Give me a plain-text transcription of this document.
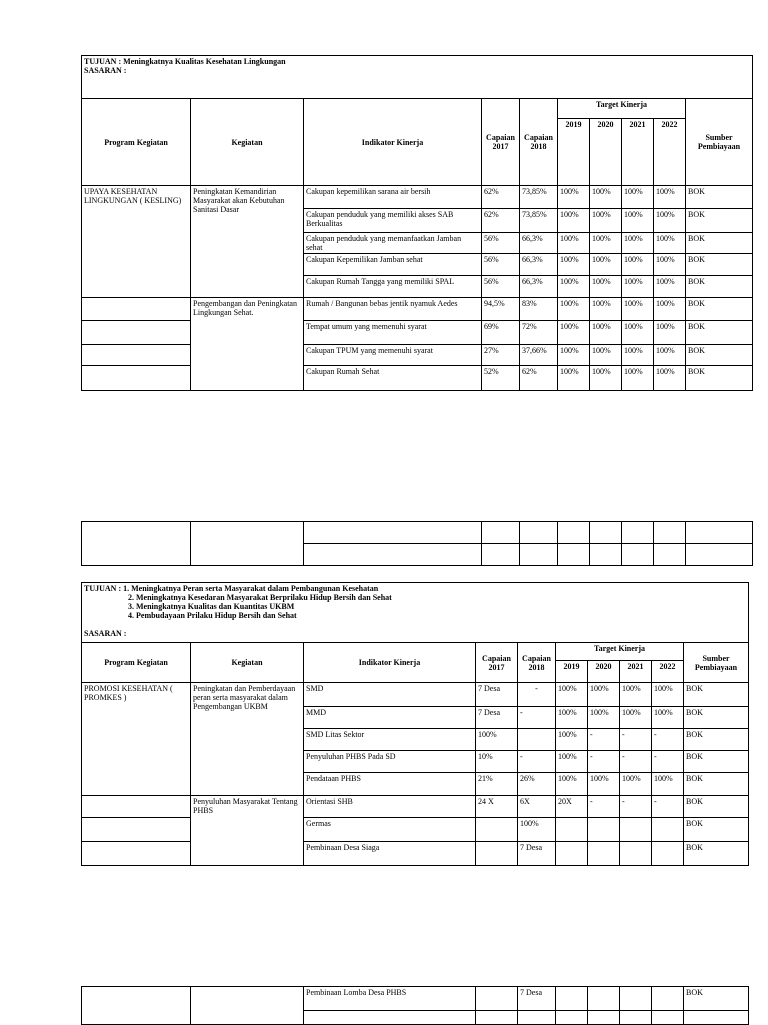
TUJUAN : Meningkatnya Kualitas Kesehatan Lingkungan
SASARAN :									

Program Kegiatan	Kegiatan	Indikator Kinerja	Capaian 2017	Capaian 2018	Target Kinerja				Sumber Pembiayaan
					2019	2020	2021	2022	
UPAYA KESEHATAN LINGKUNGAN ( KESLING)	Peningkatan Kemandirian Masyarakat akan Kebutuhan Sanitasi Dasar	Cakupan kepemilikan sarana air bersih	62%	73,85%	100%	100%	100%	100%	BOK
		Cakupan penduduk yang memiliki akses SAB Berkualitas	62%	73,85%	100%	100%	100%	100%	BOK
		Cakupan penduduk yang memanfaatkan Jamban sehat	56%	66,3%	100%	100%	100%	100%	BOK
		Cakupan Kepemilikan Jamban sehat	56%	66,3%	100%	100%	100%	100%	BOK
		Cakupan Rumah Tangga yang memiliki SPAL	56%	66,3%	100%	100%	100%	100%	BOK
	Pengembangan dan Peningkatan Lingkungan Sehat.	Rumah / Bangunan bebas jentik nyamuk Aedes	94,5%	83%	100%	100%	100%	100%	BOK
		Tempat umum yang memenuhi syarat	69%	72%	100%	100%	100%	100%	BOK
		Cakupan TPUM yang memenuhi syarat	27%	37,66%	100%	100%	100%	100%	BOK
		Cakupan Rumah Sehat	52%	62%	100%	100%	100%	100%	BOK

TUJUAN : 1. Meningkatnya Peran serta Masyarakat dalam Pembangunan Kesehatan
2. Meningkatnya Kesedaran Masyarakat Berprilaku Hidup Bersih dan Sehat
3. Meningkatnya Kualitas dan Kuantitas UKBM
4. Pembudayaan Prilaku Hidup Bersih dan Sehat
SASARAN :									

Program Kegiatan	Kegiatan	Indikator Kinerja	Capaian 2017	Capaian 2018	Target Kinerja				Sumber Pembiayaan
					2019	2020	2021	2022	
PROMOSI KESEHATAN ( PROMKES )	Peningkatan dan Pemberdayaan peran serta masyarakat dalam Pengembangan UKBM	SMD	7 Desa	-	100%	100%	100%	100%	BOK
		MMD	7 Desa	-	100%	100%	100%	100%	BOK
		SMD Litas Sektor	100%		100%	-	-	-	BOK
		Penyuluhan PHBS Pada SD	10%	-	100%	-	-	-	BOK
		Pendataan PHBS	21%	26%	100%	100%	100%	100%	BOK
	Penyuluhan Masyarakat Tentang PHBS	Orientasi SHB	24 X	6X	20X	-	-	-	BOK
		Germas		100%					BOK
		Pembinaan Desa Siaga		7 Desa					BOK
		Pembinaan Lomba Desa PHBS		7 Desa					BOK
